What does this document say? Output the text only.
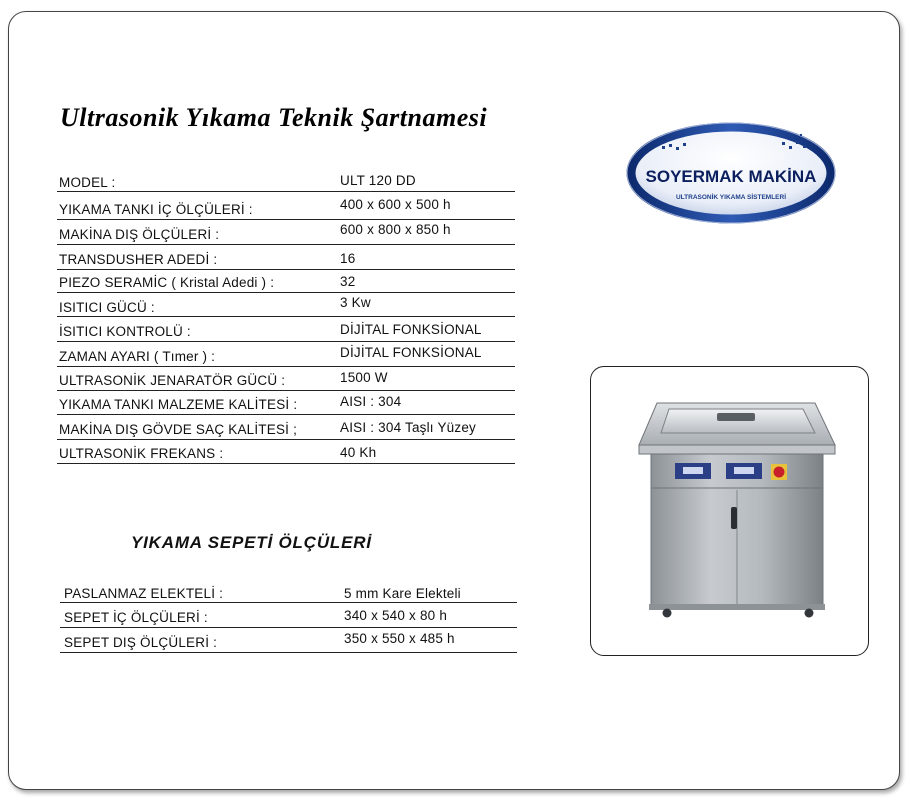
Ultrasonik Yıkama Teknik Şartnamesi
MODEL :	ULT 120 DD
YIKAMA TANKI İÇ ÖLÇÜLERİ :	400 x 600 x 500 h
MAKİNA DIŞ ÖLÇÜLERİ :	600 x 800 x 850 h
TRANSDUSHER ADEDİ :	16
PIEZO SERAMİC ( Kristal Adedi ) :	32
ISITICI GÜCÜ :	3 Kw
İSITICI KONTROLÜ :	DİJİTAL FONKSİONAL
ZAMAN AYARI ( Tımer ) :	DİJİTAL FONKSİONAL
ULTRASONİK JENARATÖR GÜCÜ :	1500 W
YIKAMA TANKI MALZEME KALİTESİ :	AISI : 304
MAKİNA DIŞ GÖVDE SAÇ KALİTESİ ;	AISI : 304 Taşlı Yüzey
ULTRASONİK FREKANS :	40 Kh
YIKAMA SEPETİ ÖLÇÜLERİ
PASLANMAZ ELEKTELİ :	5 mm Kare Elekteli
SEPET İÇ ÖLÇÜLERİ :	340 x 540 x 80 h
SEPET DIŞ ÖLÇÜLERİ :	350 x 550 x 485 h
SOYERMAK MAKİNA
ULTRASONİK YIKAMA SİSTEMLERİ
